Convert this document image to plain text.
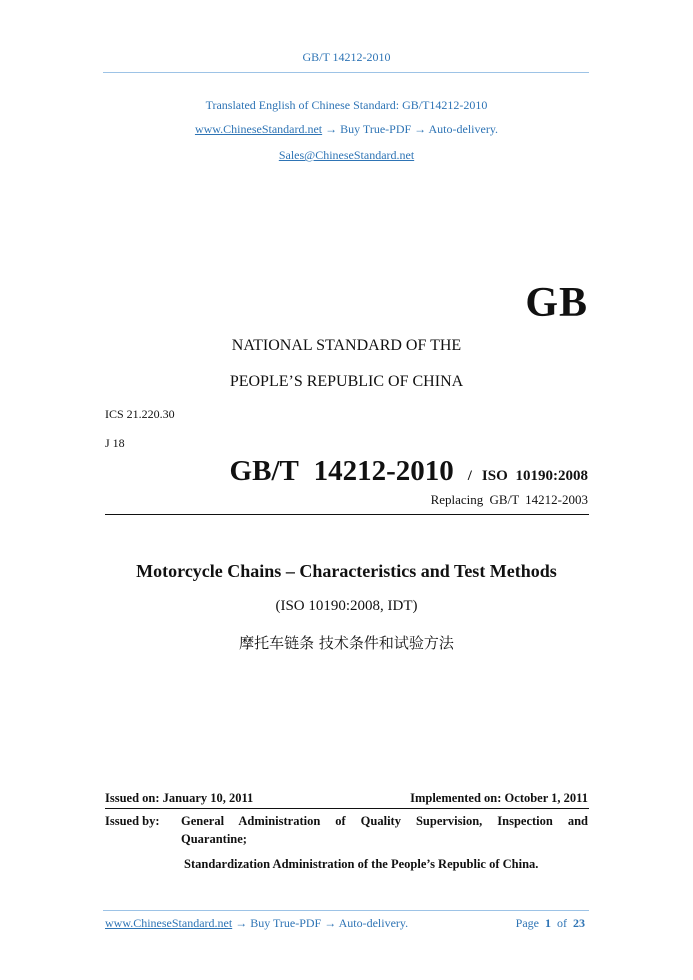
GB/T 14212-2010
Translated English of Chinese Standard: GB/T14212-2010
www.ChineseStandard.net → Buy True-PDF → Auto-delivery.
Sales@ChineseStandard.net
GB
NATIONAL STANDARD OF THE
PEOPLE’S REPUBLIC OF CHINA
ICS 21.220.30
J 18
GB/T 14212-2010 / ISO 10190:2008
Replacing GB/T 14212-2003
Motorcycle Chains – Characteristics and Test Methods
(ISO 10190:2008, IDT)
摩托车链条 技术条件和试验方法
Issued on: January 10, 2011	Implemented on: October 1, 2011
Issued by: General Administration of Quality Supervision, Inspection and
Quarantine;
Standardization Administration of the People’s Republic of China.
www.ChineseStandard.net → Buy True-PDF → Auto-delivery.	Page 1 of 23
